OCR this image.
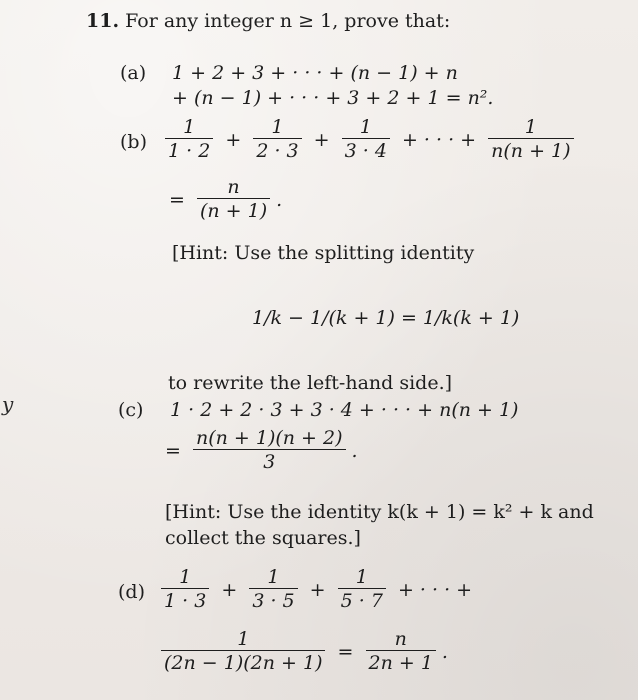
11. For any integer n ≥ 1, prove that:
(a) 1 + 2 + 3 + · · · + (n − 1) + n
+ (n − 1) + · · · + 3 + 2 + 1 = n².
$(b) \frac{1}{1 \cdot 2} + \frac{1}{2 \cdot 3} + \frac{1}{3 \cdot 4}$ + · · · + $\frac{1}{n(n + 1)}$
= $\frac{n}{(n + 1)}$ .
[Hint: Use the splitting identity
1/k − 1/(k + 1) = 1/k(k + 1)
to rewrite the left-hand side.]
y	(c) 1 · 2 + 2 · 3 + 3 · 4 + · · · + n(n + 1)
= $\frac{n(n + 1)(n + 2)}{3}$ .
[Hint: Use the identity k(k + 1) = k² + k and
collect the squares.]
$(d) \frac{1}{1 \cdot 3} + \frac{1}{3 \cdot 5} + \frac{1}{5 \cdot 7}$ + · · · +
$\frac{1}{(2n - 1)(2n + 1)} = \frac{n}{2n + 1}$ .
